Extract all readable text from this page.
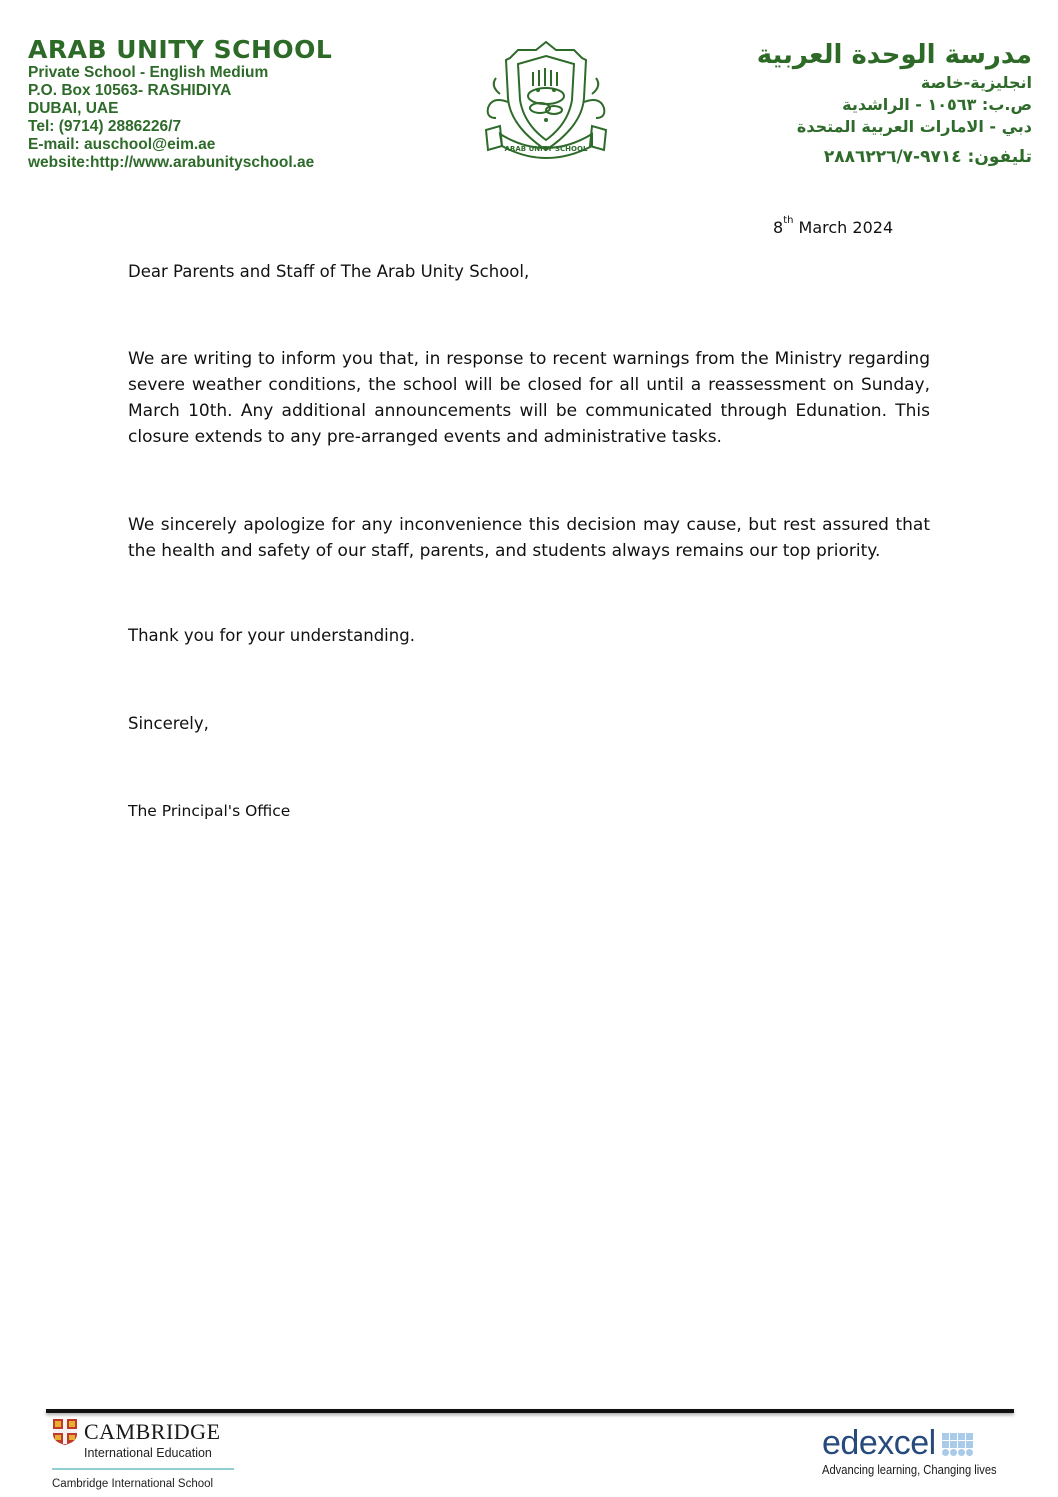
ARAB UNITY SCHOOL
Private School - English Medium
P.O. Box 10563- RASHIDIYA
DUBAI, UAE
Tel: (9714) 2886226/7
E-mail: auschool@eim.ae
website:http://www.arabunityschool.ae
ARAB UNITY SCHOOL
مدرسة الوحدة العربية
انجليزية-خاصة
ص.ب: ١٠٥٦٣ - الراشدية
دبي - الامارات العربية المتحدة
تليفون: ٩٧١٤-٢٨٨٦٢٢٦/٧
8th March 2024
Dear Parents and Staff of The Arab Unity School,
We are writing to inform you that, in response to recent warnings from the Ministry regarding severe weather conditions, the school will be closed for all until a reassessment on Sunday, March 10th. Any additional announcements will be communicated through Edunation. This closure extends to any pre-arranged events and administrative tasks.
We sincerely apologize for any inconvenience this decision may cause, but rest assured that the health and safety of our staff, parents, and students always remains our top priority.
Thank you for your understanding.
Sincerely,
The Principal's Office
CAMBRIDGE
International Education
Cambridge International School
edexcel
Advancing learning, Changing lives
